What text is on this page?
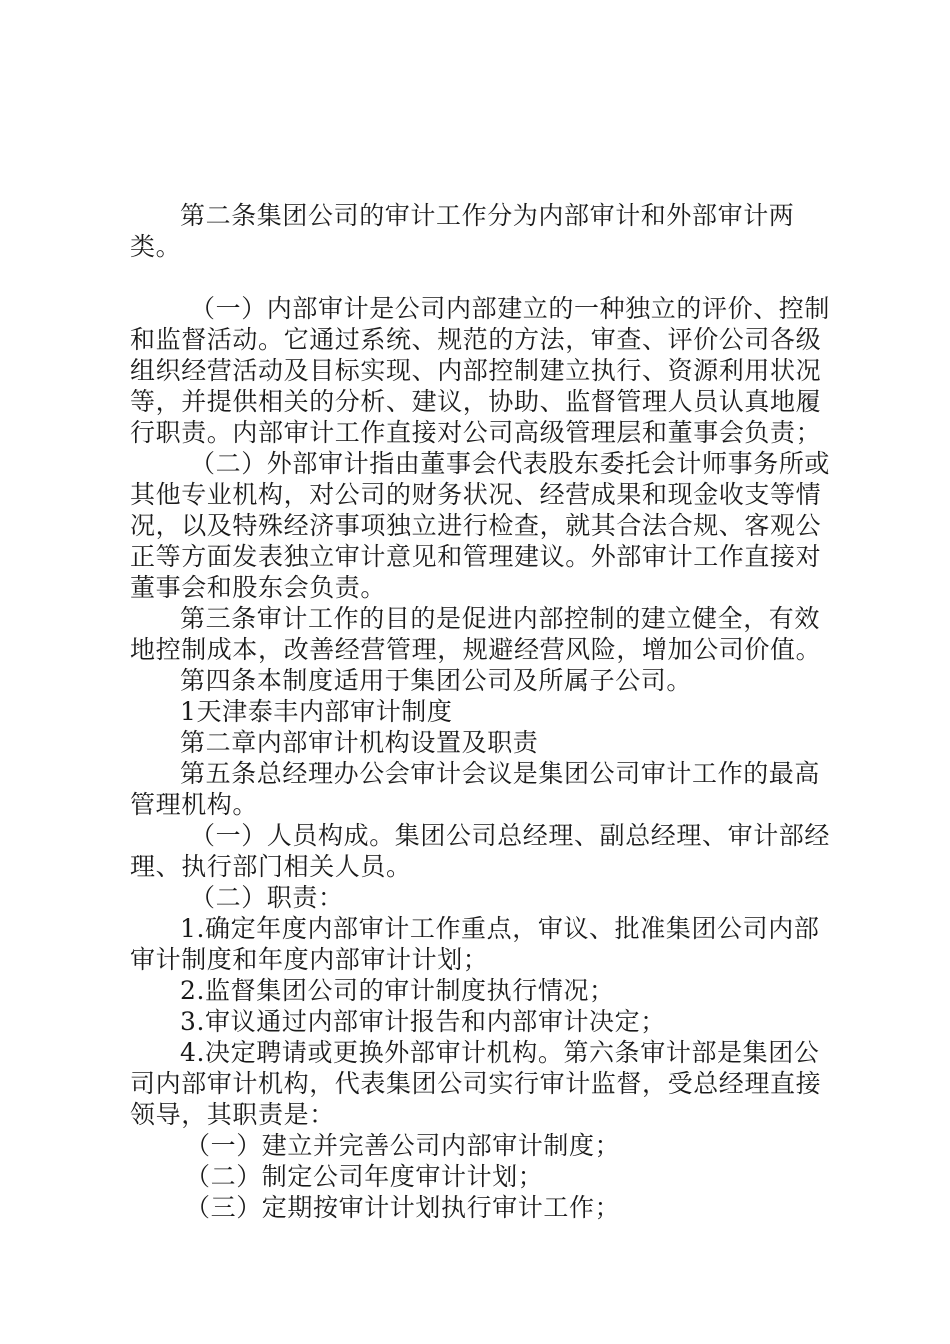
第二条集团公司的审计工作分为内部审计和外部审计两类。

（一）内部审计是公司内部建立的一种独立的评价、控制和监督活动。它通过系统、规范的方法，审查、评价公司各级组织经营活动及目标实现、内部控制建立执行、资源利用状况等，并提供相关的分析、建议，协助、监督管理人员认真地履行职责。内部审计工作直接对公司高级管理层和董事会负责；

（二）外部审计指由董事会代表股东委托会计师事务所或其他专业机构，对公司的财务状况、经营成果和现金收支等情况，以及特殊经济事项独立进行检查，就其合法合规、客观公正等方面发表独立审计意见和管理建议。外部审计工作直接对董事会和股东会负责。

第三条审计工作的目的是促进内部控制的建立健全，有效地控制成本，改善经营管理，规避经营风险，增加公司价值。

第四条本制度适用于集团公司及所属子公司。

1天津泰丰内部审计制度

第二章内部审计机构设置及职责

第五条总经理办公会审计会议是集团公司审计工作的最高管理机构。

（一）人员构成。集团公司总经理、副总经理、审计部经理、执行部门相关人员。

（二）职责：

1.确定年度内部审计工作重点，审议、批准集团公司内部审计制度和年度内部审计计划；

2.监督集团公司的审计制度执行情况；

3.审议通过内部审计报告和内部审计决定；

4.决定聘请或更换外部审计机构。第六条审计部是集团公司内部审计机构，代表集团公司实行审计监督，受总经理直接领导，其职责是：

（一）建立并完善公司内部审计制度；

（二）制定公司年度审计计划；

（三）定期按审计计划执行审计工作；
